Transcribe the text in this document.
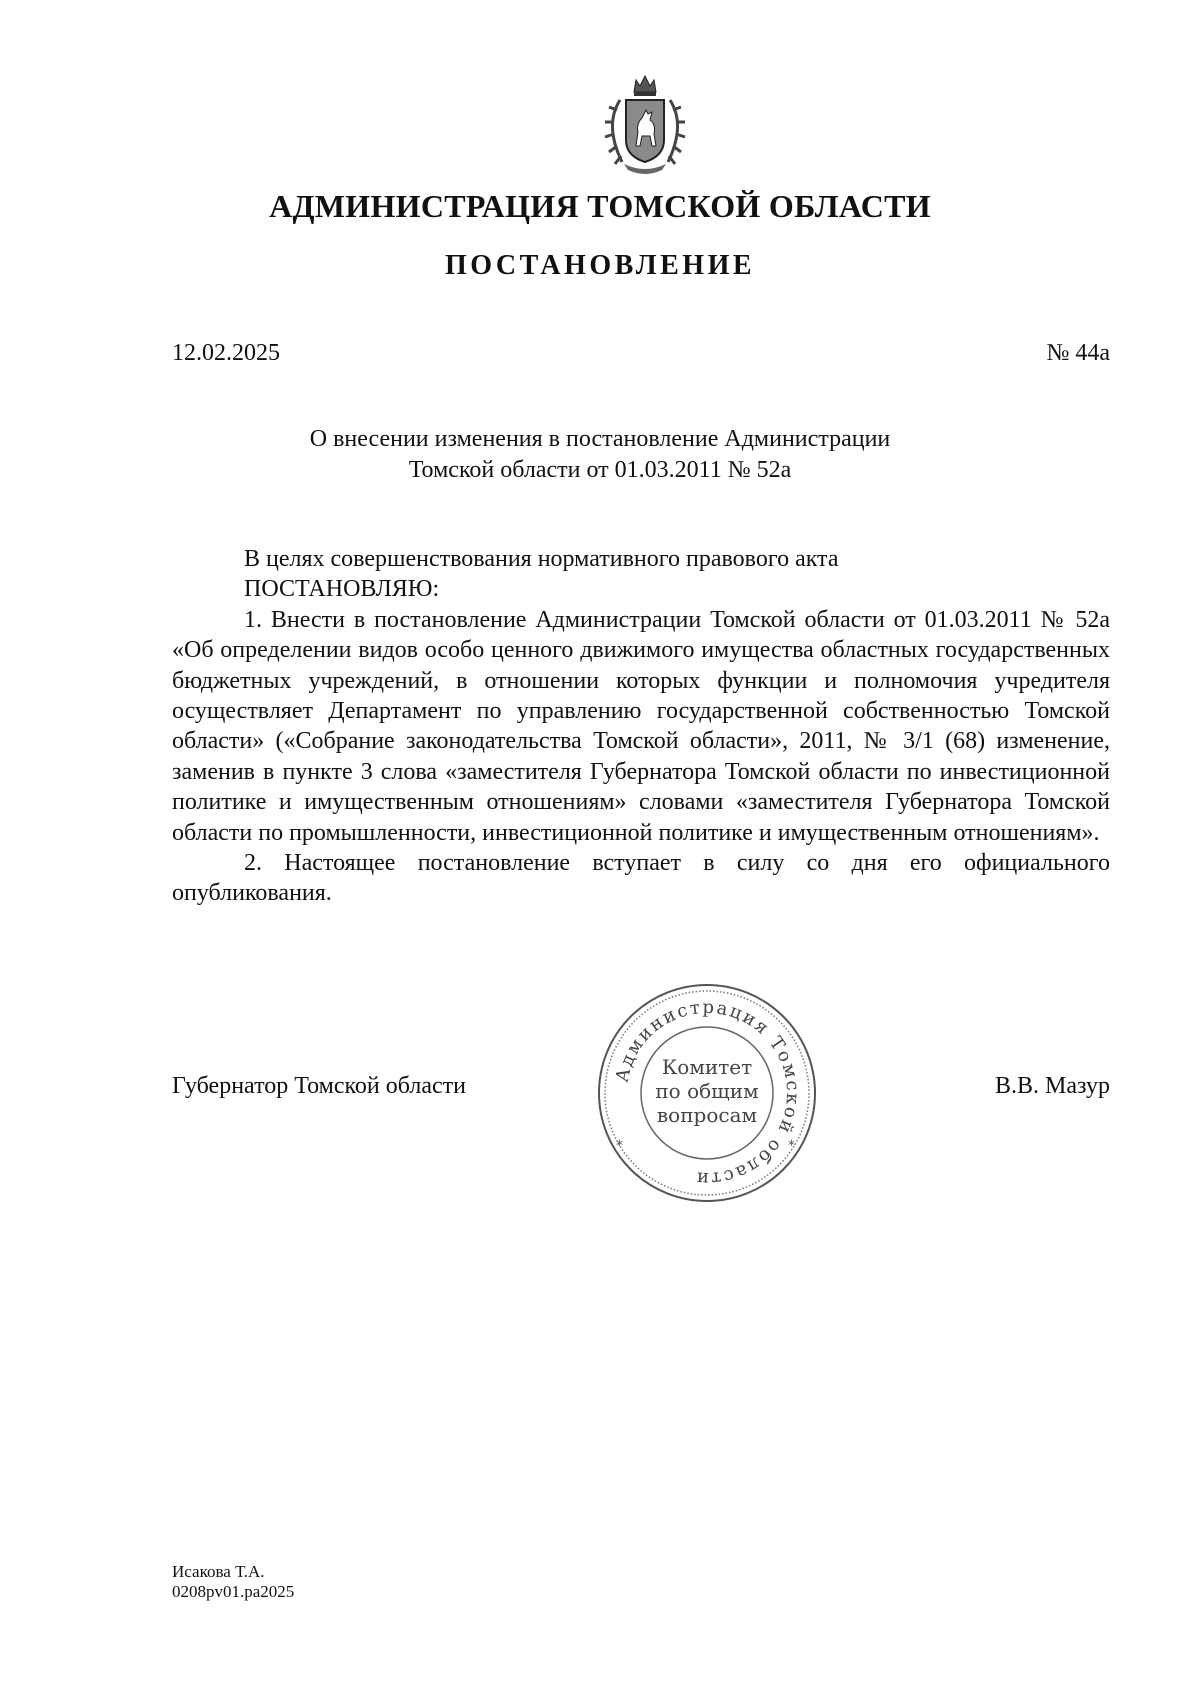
АДМИНИСТРАЦИЯ ТОМСКОЙ ОБЛАСТИ
ПОСТАНОВЛЕНИЕ
12.02.2025	№ 44а
О внесении изменения в постановление Администрации
Томской области от 01.03.2011 № 52а

В целях совершенствования нормативного правового акта

ПОСТАНОВЛЯЮ:

1. Внести в постановление Администрации Томской области от 01.03.2011 № 52а «Об определении видов особо ценного движимого имущества областных государственных бюджетных учреждений, в отношении которых функции и полномочия учредителя осуществляет Департамент по управлению государственной собственностью Томской области» («Собрание законодательства Томской области», 2011, № 3/1 (68) изменение, заменив в пункте 3 слова «заместителя Губернатора Томской области по инвестиционной политике и имущественным отношениям» словами «заместителя Губернатора Томской области по промышленности, инвестиционной политике и имущественным отношениям».

2. Настоящее постановление вступает в силу со дня его официального опубликования.

Губернатор Томской области	В.В. Мазур
Администрация Томской области
Комитет
по общим
вопросам
*	*
Исакова Т.А.
0208pv01.pa2025
